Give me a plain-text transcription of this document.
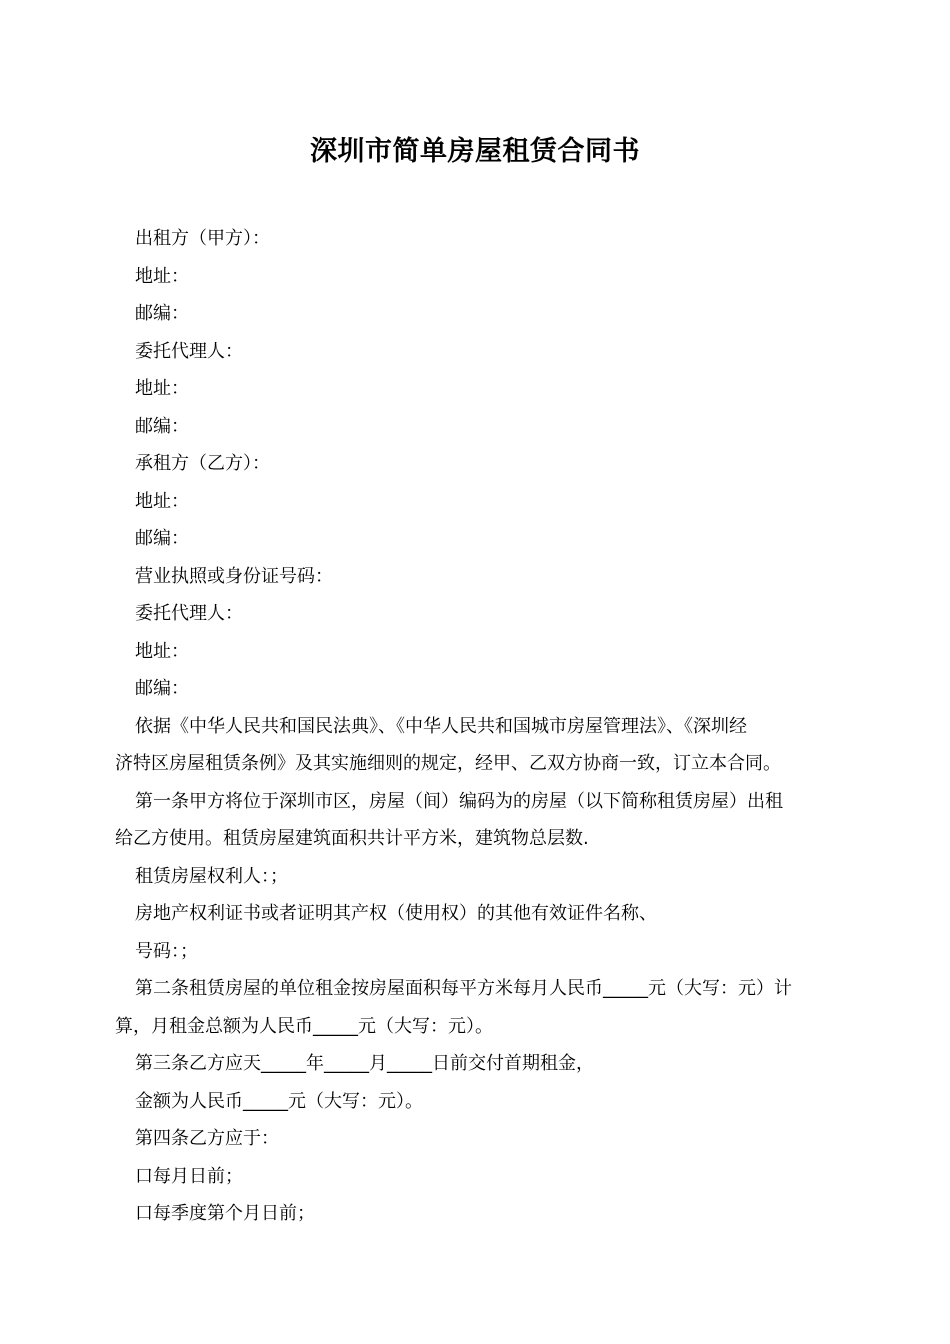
深圳市简单房屋租赁合同书
出租方（甲方）：
地址：
邮编：
委托代理人：
地址：
邮编：
承租方（乙方）：
地址：
邮编：
营业执照或身份证号码：
委托代理人：
地址：
邮编：
依据《中华人民共和国民法典》、《中华人民共和国城市房屋管理法》、《深圳经
济特区房屋租赁条例》及其实施细则的规定，经甲、乙双方协商一致，订立本合同。
第一条甲方将位于深圳市区，房屋（间）编码为的房屋（以下简称租赁房屋）出租
给乙方使用。租赁房屋建筑面积共计平方米，建筑物总层数.
租赁房屋权利人：；
房地产权利证书或者证明其产权（使用权）的其他有效证件名称、
号码：；
第二条租赁房屋的单位租金按房屋面积每平方米每月人民币_____元（大写：元）计
算，月租金总额为人民币_____元（大写：元）。
第三条乙方应天_____年_____月_____日前交付首期租金，
金额为人民币_____元（大写：元）。
第四条乙方应于：
口每月日前；
口每季度第个月日前；
